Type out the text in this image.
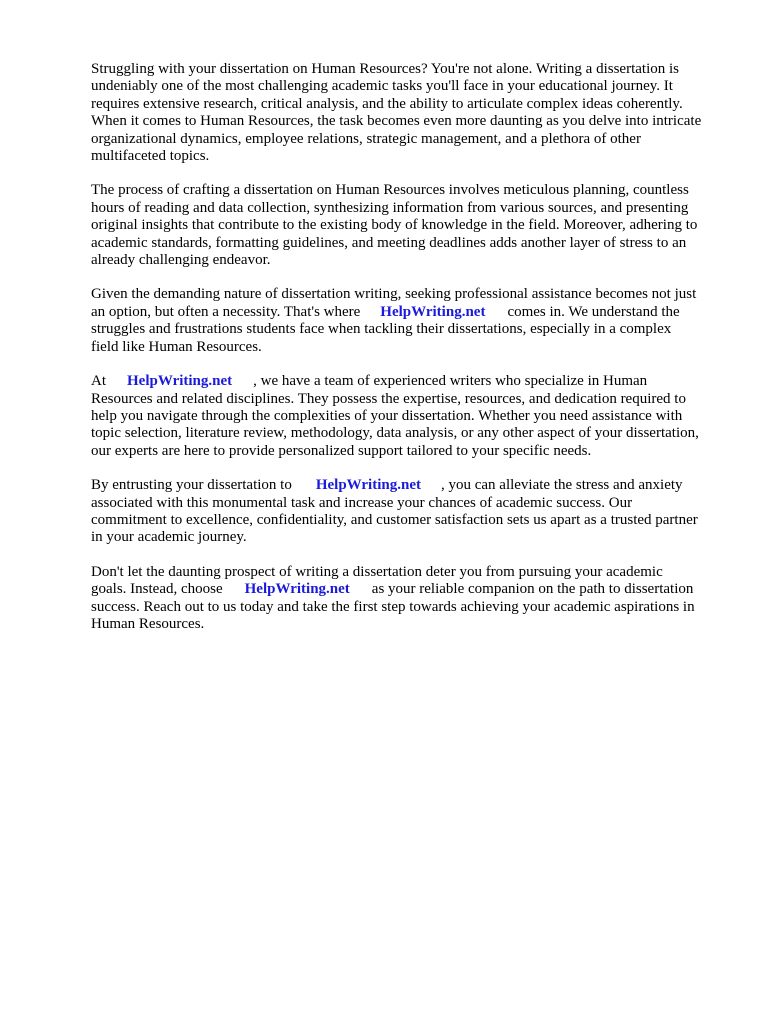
Struggling with your dissertation on Human Resources? You're not alone. Writing a dissertation is
undeniably one of the most challenging academic tasks you'll face in your educational journey. It
requires extensive research, critical analysis, and the ability to articulate complex ideas coherently.
When it comes to Human Resources, the task becomes even more daunting as you delve into intricate
organizational dynamics, employee relations, strategic management, and a plethora of other
multifaceted topics.

The process of crafting a dissertation on Human Resources involves meticulous planning, countless
hours of reading and data collection, synthesizing information from various sources, and presenting
original insights that contribute to the existing body of knowledge in the field. Moreover, adhering to
academic standards, formatting guidelines, and meeting deadlines adds another layer of stress to an
already challenging endeavor.

Given the demanding nature of dissertation writing, seeking professional assistance becomes not just
an option, but often a necessity. That's where HelpWriting.net comes in. We understand the
struggles and frustrations students face when tackling their dissertations, especially in a complex
field like Human Resources.

At HelpWriting.net , we have a team of experienced writers who specialize in Human
Resources and related disciplines. They possess the expertise, resources, and dedication required to
help you navigate through the complexities of your dissertation. Whether you need assistance with
topic selection, literature review, methodology, data analysis, or any other aspect of your dissertation,
our experts are here to provide personalized support tailored to your specific needs.

By entrusting your dissertation to HelpWriting.net , you can alleviate the stress and anxiety
associated with this monumental task and increase your chances of academic success. Our
commitment to excellence, confidentiality, and customer satisfaction sets us apart as a trusted partner
in your academic journey.

Don't let the daunting prospect of writing a dissertation deter you from pursuing your academic
goals. Instead, choose HelpWriting.net as your reliable companion on the path to dissertation
success. Reach out to us today and take the first step towards achieving your academic aspirations in
Human Resources.
